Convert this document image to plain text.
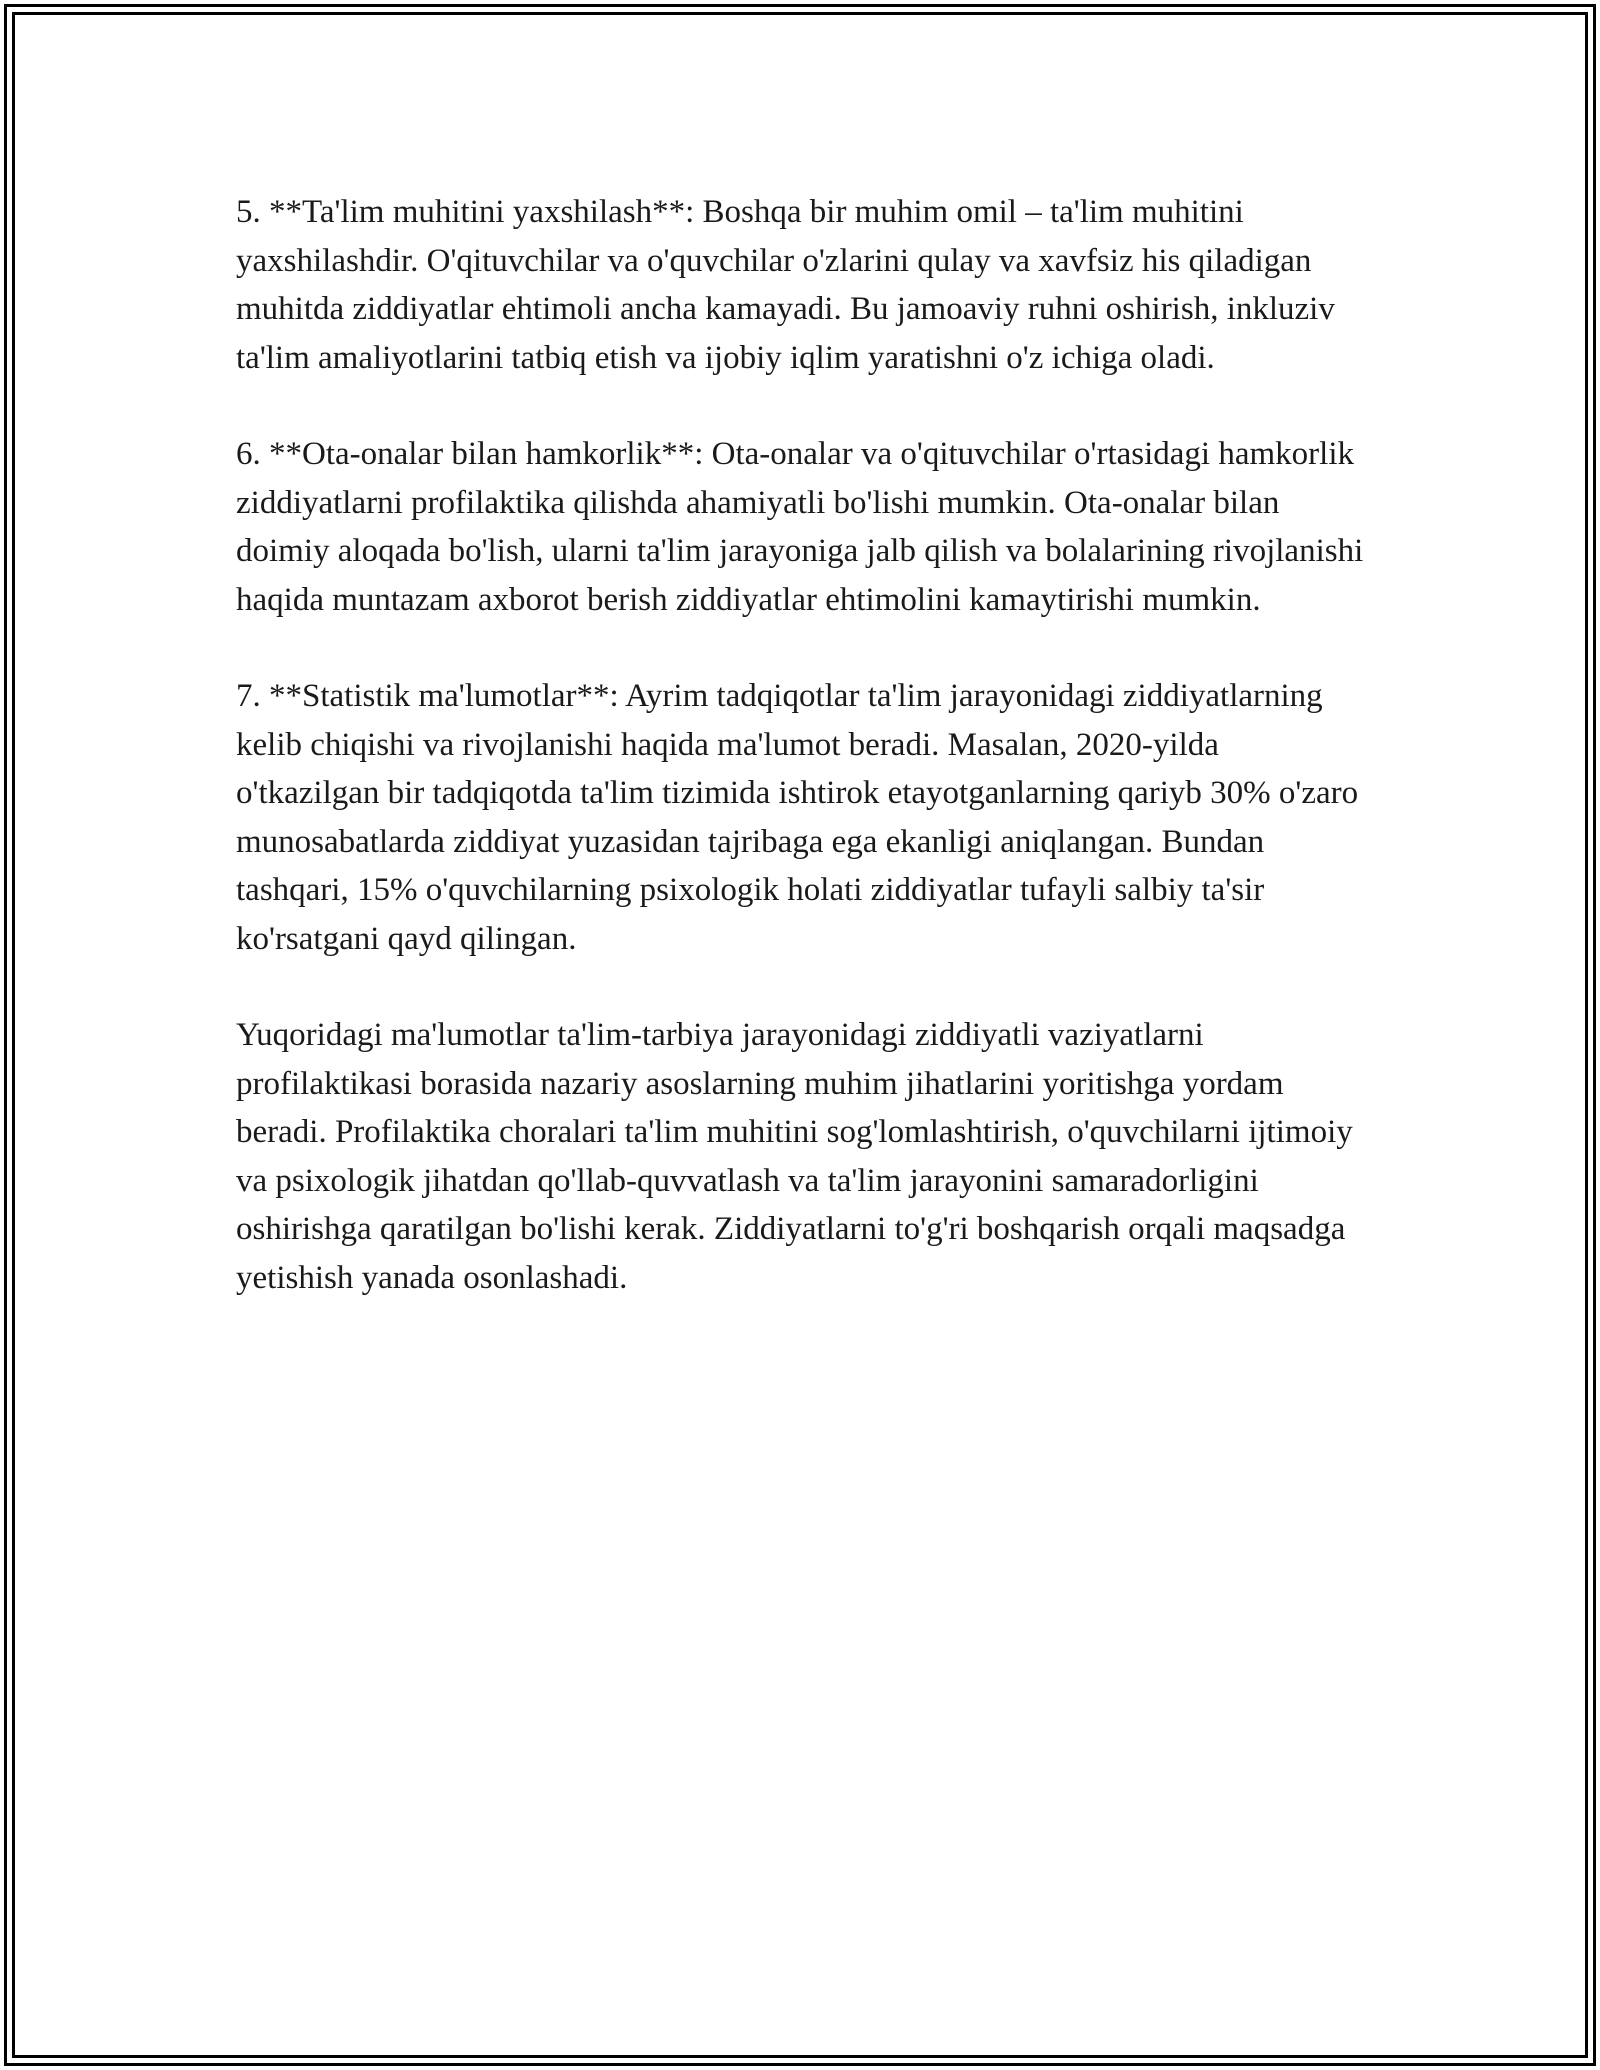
5. **Ta'lim muhitini yaxshilash**: Boshqa bir muhim omil – ta'lim muhitini yaxshilashdir. O'qituvchilar va o'quvchilar o'zlarini qulay va xavfsiz his qiladigan muhitda ziddiyatlar ehtimoli ancha kamayadi. Bu jamoaviy ruhni oshirish, inkluziv ta'lim amaliyotlarini tatbiq etish va ijobiy iqlim yaratishni o'z ichiga oladi.

6. **Ota-onalar bilan hamkorlik**: Ota-onalar va o'qituvchilar o'rtasidagi hamkorlik ziddiyatlarni profilaktika qilishda ahamiyatli bo'lishi mumkin. Ota-onalar bilan doimiy aloqada bo'lish, ularni ta'lim jarayoniga jalb qilish va bolalarining rivojlanishi haqida muntazam axborot berish ziddiyatlar ehtimolini kamaytirishi mumkin.

7. **Statistik ma'lumotlar**: Ayrim tadqiqotlar ta'lim jarayonidagi ziddiyatlarning kelib chiqishi va rivojlanishi haqida ma'lumot beradi. Masalan, 2020-yilda o'tkazilgan bir tadqiqotda ta'lim tizimida ishtirok etayotganlarning qariyb 30% o'zaro munosabatlarda ziddiyat yuzasidan tajribaga ega ekanligi aniqlangan. Bundan tashqari, 15% o'quvchilarning psixologik holati ziddiyatlar tufayli salbiy ta'sir ko'rsatgani qayd qilingan.

Yuqoridagi ma'lumotlar ta'lim-tarbiya jarayonidagi ziddiyatli vaziyatlarni profilaktikasi borasida nazariy asoslarning muhim jihatlarini yoritishga yordam beradi. Profilaktika choralari ta'lim muhitini sog'lomlashtirish, o'quvchilarni ijtimoiy va psixologik jihatdan qo'llab-quvvatlash va ta'lim jarayonini samaradorligini oshirishga qaratilgan bo'lishi kerak. Ziddiyatlarni to'g'ri boshqarish orqali maqsadga yetishish yanada osonlashadi.
